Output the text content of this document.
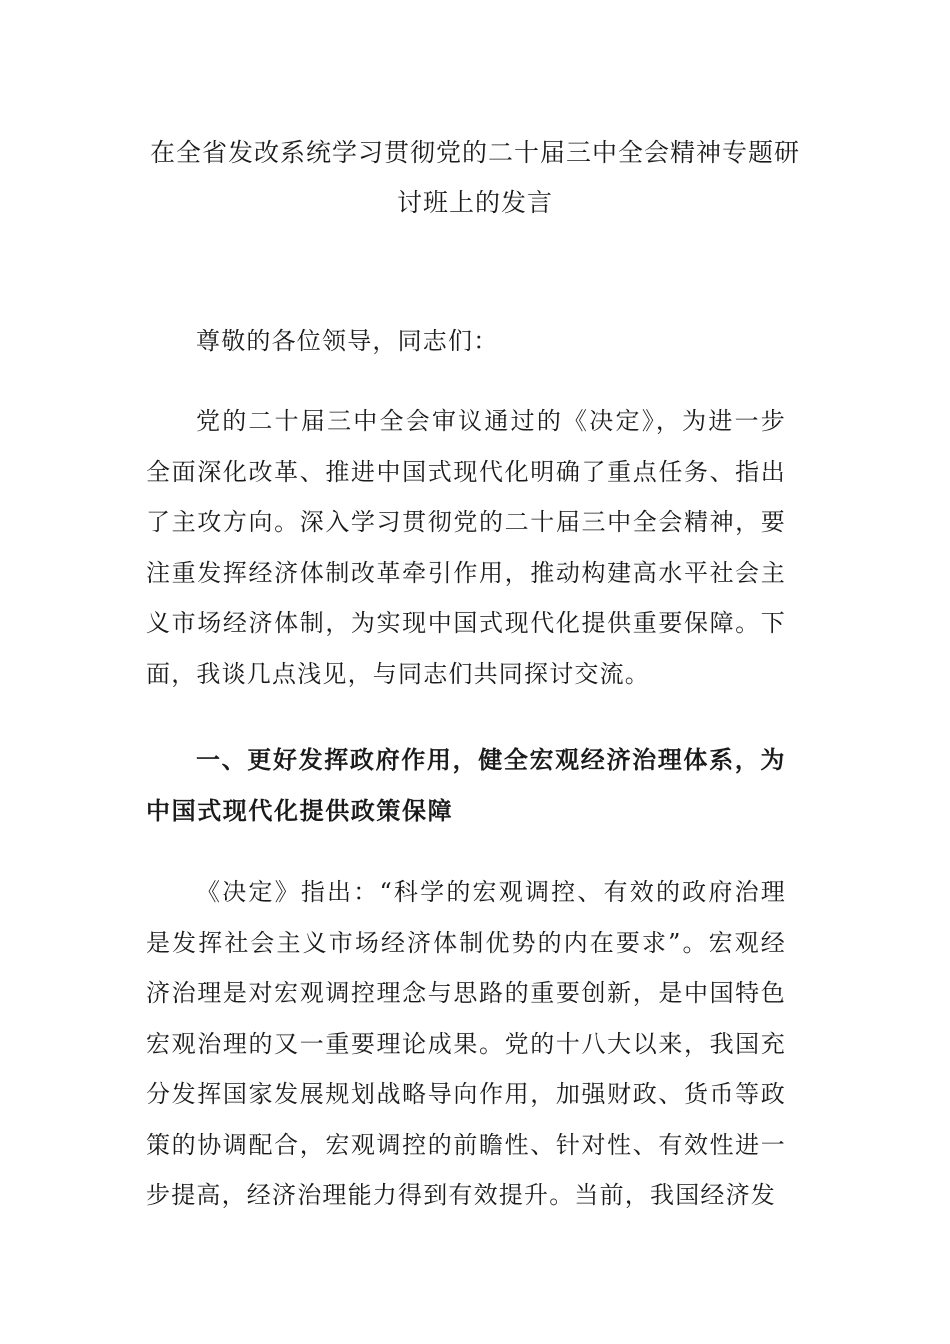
在全省发改系统学习贯彻党的二十届三中全会精神专题研讨班上的发言

尊敬的各位领导，同志们：

党的二十届三中全会审议通过的《决定》，为进一步全面深化改革、推进中国式现代化明确了重点任务、指出了主攻方向。深入学习贯彻党的二十届三中全会精神，要注重发挥经济体制改革牵引作用，推动构建高水平社会主义市场经济体制，为实现中国式现代化提供重要保障。下面，我谈几点浅见，与同志们共同探讨交流。

一、更好发挥政府作用，健全宏观经济治理体系，为中国式现代化提供政策保障

《决定》指出：“科学的宏观调控、有效的政府治理是发挥社会主义市场经济体制优势的内在要求”。宏观经济治理是对宏观调控理念与思路的重要创新，是中国特色宏观治理的又一重要理论成果。党的十八大以来，我国充分发挥国家发展规划战略导向作用，加强财政、货币等政策的协调配合，宏观调控的前瞻性、针对性、有效性进一步提高，经济治理能力得到有效提升。当前，我国经济发
